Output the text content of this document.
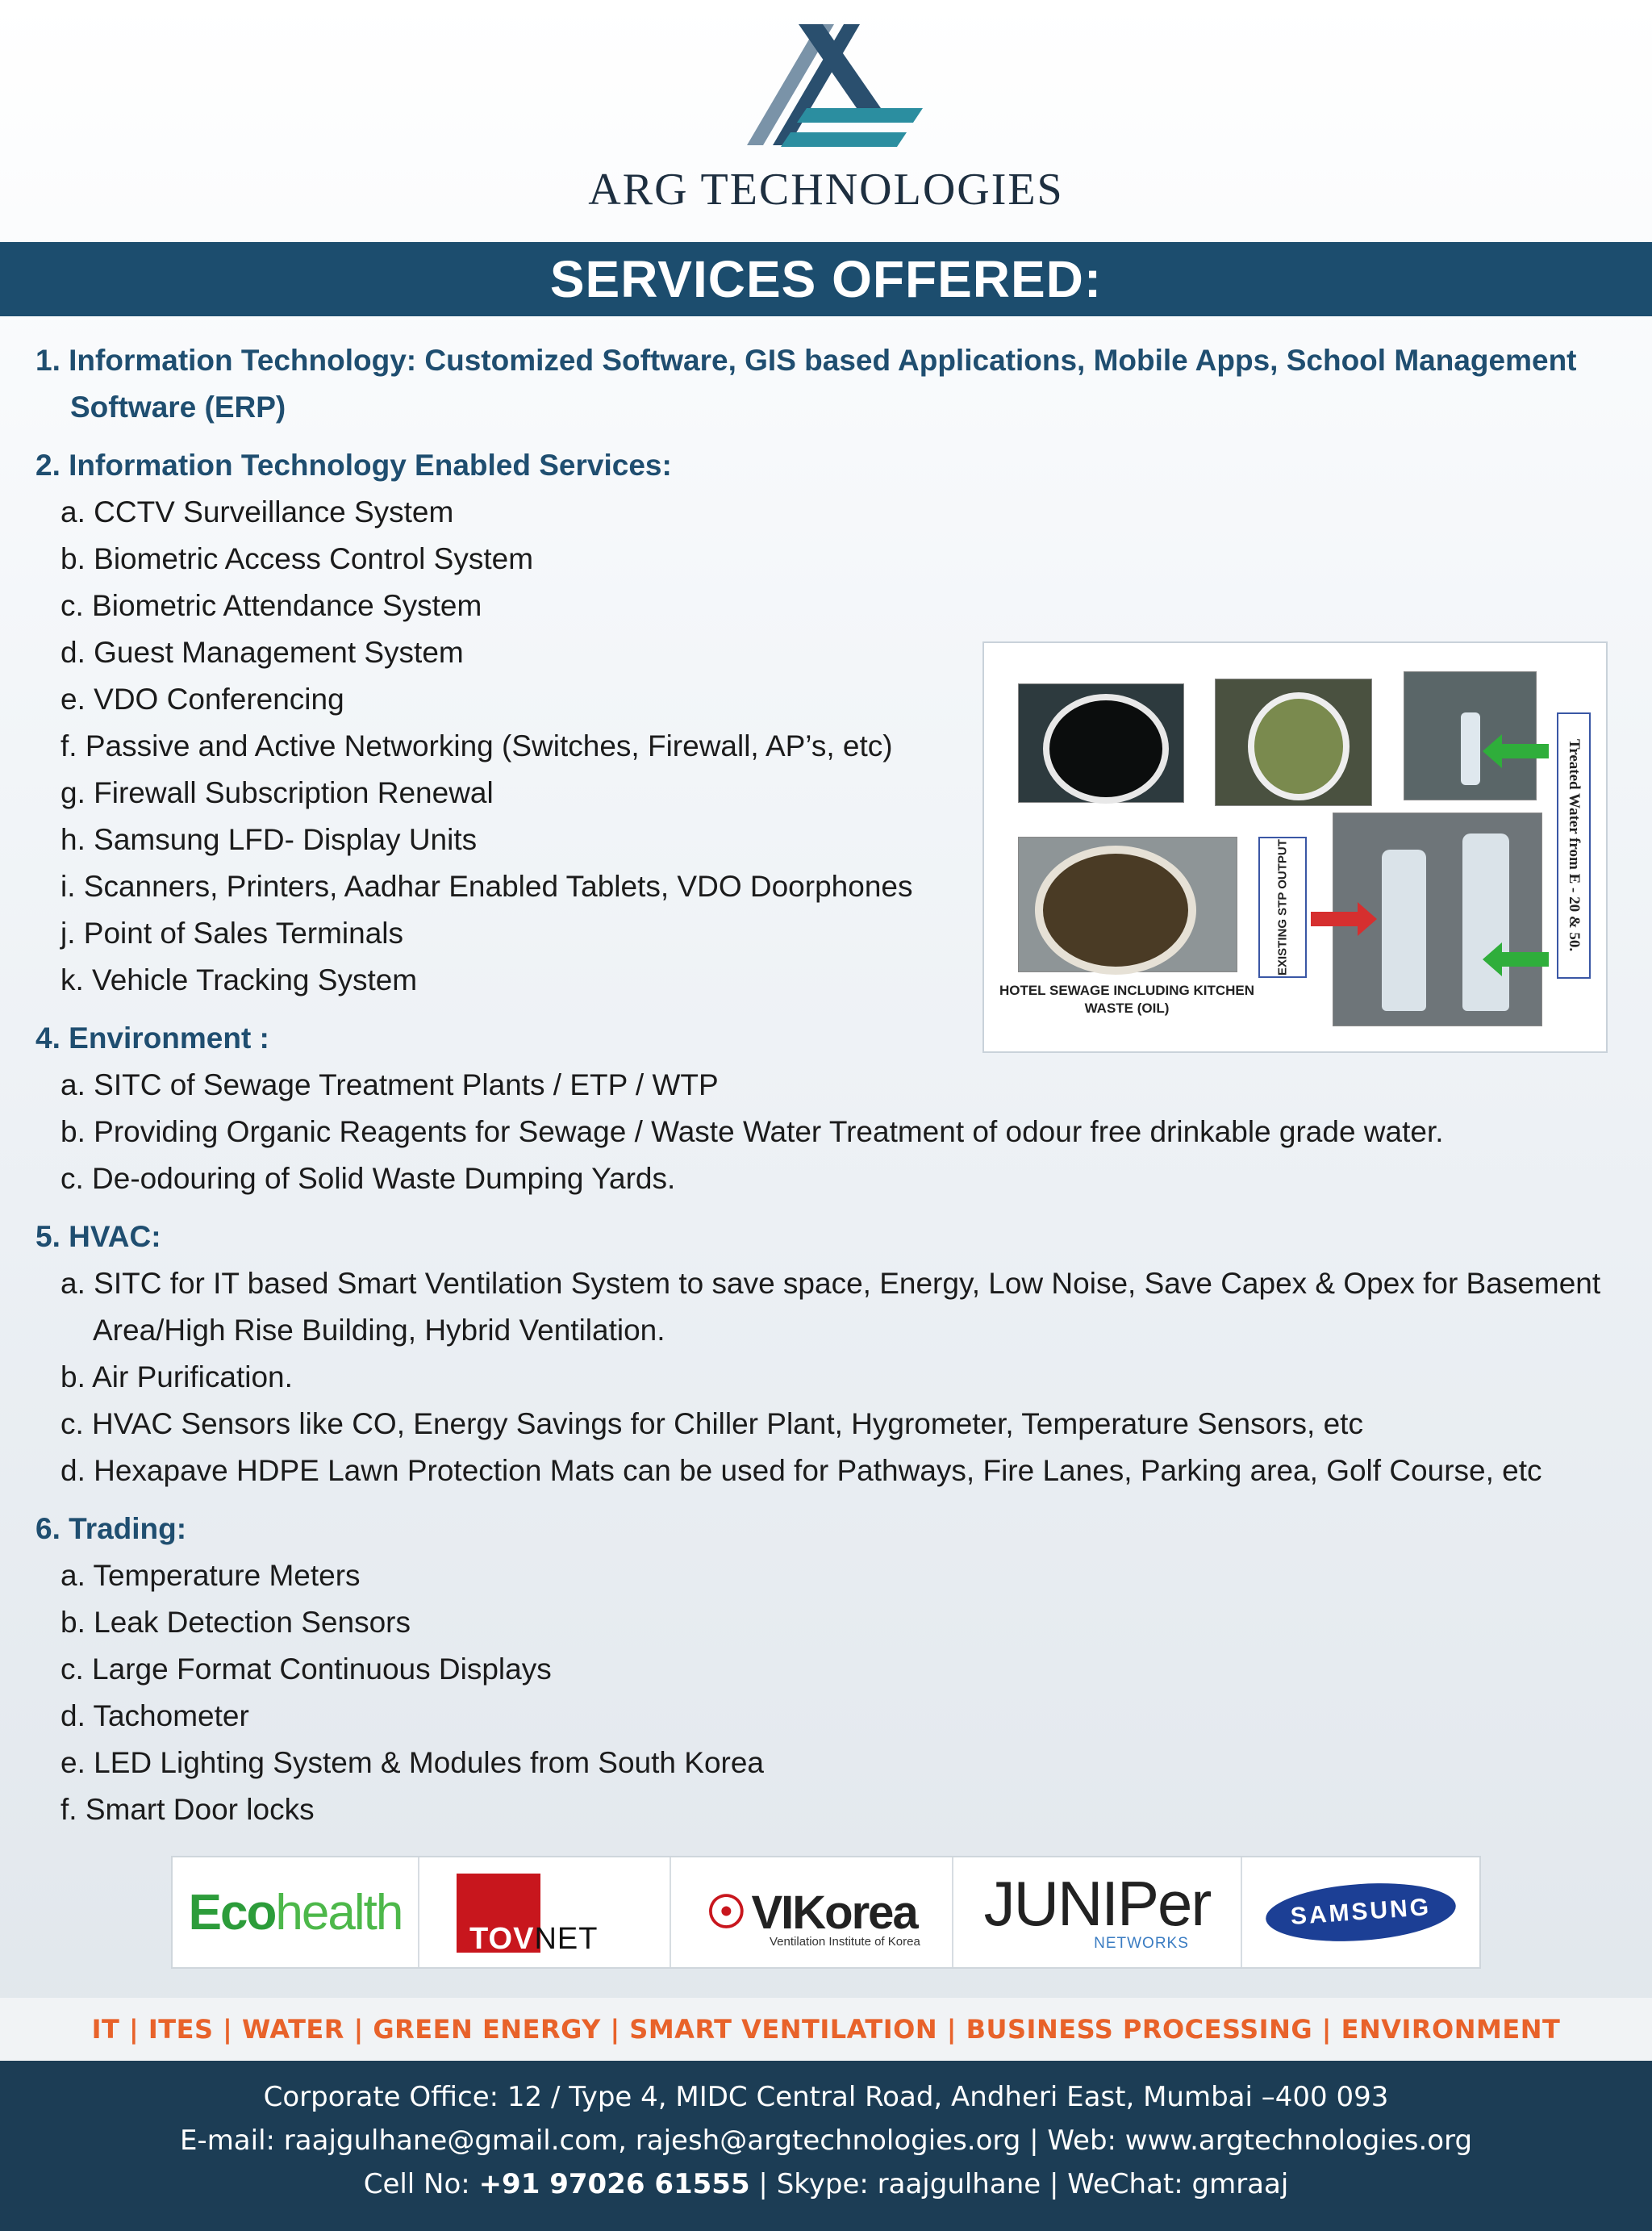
ARG TECHNOLOGIES
SERVICES OFFERED:
1. Information Technology: Customized Software, GIS based Applications, Mobile Apps, School Management Software (ERP)
2. Information Technology Enabled Services:
a. CCTV Surveillance System
b. Biometric Access Control System
c. Biometric Attendance System
d. Guest Management System
e. VDO Conferencing
f. Passive and Active Networking (Switches, Firewall, AP’s, etc)
g. Firewall Subscription Renewal
h. Samsung LFD- Display Units
i. Scanners, Printers, Aadhar Enabled Tablets, VDO Doorphones
j. Point of Sales Terminals
k. Vehicle Tracking System
4. Environment :
a. SITC of Sewage Treatment Plants / ETP / WTP
b. Providing Organic Reagents for Sewage / Waste Water Treatment of odour free drinkable grade water.
c. De-odouring of Solid Waste Dumping Yards.
5. HVAC:
a. SITC for IT based Smart Ventilation System to save space, Energy, Low Noise, Save Capex & Opex for Basement Area/High Rise Building, Hybrid Ventilation.
b. Air Purification.
c. HVAC Sensors like CO, Energy Savings for Chiller Plant, Hygrometer, Temperature Sensors, etc
d. Hexapave HDPE Lawn Protection Mats can be used for Pathways, Fire Lanes, Parking area, Golf Course, etc
6. Trading:
a. Temperature Meters
b. Leak Detection Sensors
c. Large Format Continuous Displays
d. Tachometer
e. LED Lighting System & Modules from South Korea
f. Smart Door locks
EXISTING STP OUTPUT	Treated Water from E - 20 & 50.
HOTEL SEWAGE INCLUDING KITCHEN WASTE (OIL)
Eco health TOVNET
☉ VIKorea
Ventilation Institute of Korea
JUNIPer
NETWORKS
SAMSUNG
IT | ITES | WATER | GREEN ENERGY | SMART VENTILATION | BUSINESS PROCESSING | ENVIRONMENT
Corporate Office: 12 / Type 4, MIDC Central Road, Andheri East, Mumbai –400 093
E-mail: raajgulhane@gmail.com, rajesh@argtechnologies.org | Web: www.argtechnologies.org
Cell No: +91 97026 61555 | Skype: raajgulhane | WeChat: gmraaj
